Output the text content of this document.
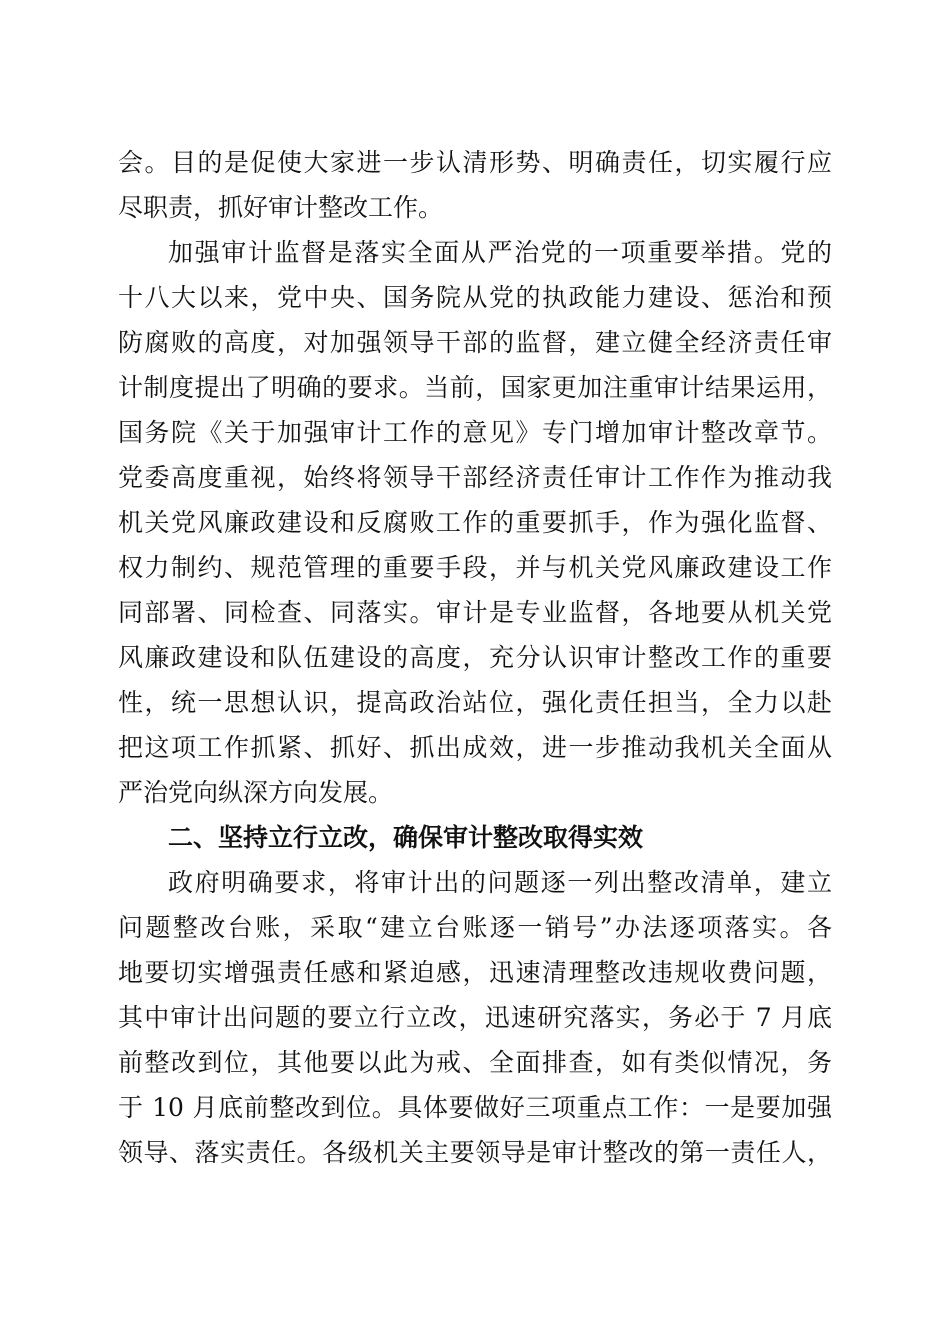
会。目的是促使大家进一步认清形势、明确责任，切实履行应
尽职责，抓好审计整改工作。
加强审计监督是落实全面从严治党的一项重要举措。党的
十八大以来，党中央、国务院从党的执政能力建设、惩治和预
防腐败的高度，对加强领导干部的监督，建立健全经济责任审
计制度提出了明确的要求。当前，国家更加注重审计结果运用，
国务院《关于加强审计工作的意见》专门增加审计整改章节。
党委高度重视，始终将领导干部经济责任审计工作作为推动我
机关党风廉政建设和反腐败工作的重要抓手，作为强化监督、
权力制约、规范管理的重要手段，并与机关党风廉政建设工作
同部署、同检查、同落实。审计是专业监督，各地要从机关党
风廉政建设和队伍建设的高度，充分认识审计整改工作的重要
性，统一思想认识，提高政治站位，强化责任担当，全力以赴
把这项工作抓紧、抓好、抓出成效，进一步推动我机关全面从
严治党向纵深方向发展。
二、坚持立行立改，确保审计整改取得实效
政府明确要求，将审计出的问题逐一列出整改清单，建立
问题整改台账，采取“建立台账逐一销号”办法逐项落实。各
地要切实增强责任感和紧迫感，迅速清理整改违规收费问题，
其中审计出问题的要立行立改，迅速研究落实，务必于 7 月底
前整改到位，其他要以此为戒、全面排查，如有类似情况，务
于 10 月底前整改到位。具体要做好三项重点工作：一是要加强
领导、落实责任。各级机关主要领导是审计整改的第一责任人，
